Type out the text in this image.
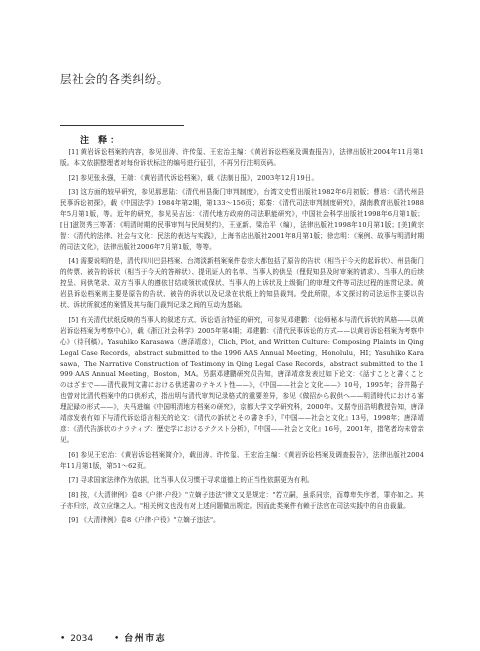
层社会的各类纠纷。
注 释：

[1] 黄岩诉讼档案的内容，参见田涛、许传玺、王宏治主编：《黄岩诉讼档案及调查报告》，法律出版社2004年11月第1版。本文依据整理者对每份诉状标注的编号进行征引，不再另行注明页码。

[2] 参见张永强，王端：《黄岩清代诉讼档案》，载《法制日报》，2003年12月19日。

[3] 这方面的较早研究，参见那思陆：《清代州县衙门审判制度》，台湾文史哲出版社1982年6月初版；曹培：《清代州县民事诉讼初探》，载《中国法学》1984年第2期，第133～156页；郑秦：《清代司法审判制度研究》，湖南教育出版社1988年5月第1版，等。近年的研究，参见吴吉远：《清代地方政府的司法职能研究》，中国社会科学出版社1998年6月第1版；[日]滋贺秀三等著：《明清时期的民事审判与民间契约》，王亚新、梁治平（编），法律出版社1998年10月第1版；[美]黄宗智：《清代的法律、社会与文化：民法的表达与实践》，上海书店出版社2001年8月第1版；徐忠明：《案例、故事与明清时期的司法文化》，法律出版社2006年7月第1版，等等。

[4] 需要说明的是，清代四川巴县档案、台湾淡新档案案件卷宗大都包括了原告的告状（相当于今天的起诉状）、州县衙门的传票、被告的诉状（相当于今天的答辩状）、提讯证人的名单、当事人的供呈（俚促知县及时审案的请求）、当事人的后续控呈、问供笔录、双方当事人的遵依甘结或领状或保状、当事人的上诉状及上级衙门的审理文件等司法过程的连贯记录。黄岩县诉讼档案则主要是原告的告状、被告的诉状以及记录在状纸上的知县裁判。受此所限，本文探讨的司法运作主要以告状、诉状所叙述的案情及其与衙门裁判记录之间的互动为基础。

[5] 有关清代状纸反映的当事人的叙述方式、诉讼语言特征的研究，可参见邓建鹏：《讼师秘本与清代诉状的风格——以黄岩诉讼档案为考察中心》，载《浙江社会科学》2005年第4期；邓建鹏：《清代民事诉讼的方式——以黄岩诉讼档案为考察中心》（待刊稿）。Yasuhiko Karasawa（唐泽靖彦），Clich, Plot, and Written Culture: Composing Plaints in Qing Legal Case Records，abstract submitted to the 1996 AAS Annual Meeting，Honolulu，HI；Yasuhiko Karasawa，The Narrative Construction of Testimony in Qing Legal Case Records，abstract submitted to the 1999 AAS Annual Meeting，Boston，MA。另据邓建鹏研究员告知，唐泽靖彦发表过如下论文：《話すことと書くことのはざまで——清代裁判文書における供述書のテキスト性——》，《中国——社会と文化——》10号，1995年；谷井陽子也曾对比清代档案中的口供形式，指出明与清代审判记录格式的重要差异，参见《做招から叙供へ——明清時代における審理記録の形式——》，夫马进编《中国明清地方档案の研究》，京都大学文学研究科，2000年。又据寺田浩明教授告知，唐泽靖彦发表有如下与清代诉讼语言相关的论文：《清代の訴状とその書き手》，『中国——社会と文化』13号，1998年；唐泽靖彦：《清代告訴状のナラティブ：歴史学におけるテクスト分析》，『中国——社会と文化』16号，2001年，措笔者均未曾亲见。

[6] 参见王宏治：《黄岩诉讼档案简介》，载田涛、许传玺、王宏治主编：《黄岩诉讼档案及调查报告》，法律出版社2004年11月第1版，第51～62页。

[7] 寻求国家法律作为依据，比当事人仅习惯于寻求道德上的正当性依据更为有利。

[8] 按，《大清律例》卷8《户律·户役》"立嫡子违法"律文又是规定："若立嗣，虽系同宗，而尊卑失序者，罪亦如之。其子亦归宗，改立应继之人。"相关例文也没有对上述问题做出规定。因而此类案件有赖于法官在司法实践中的自由裁量。

[9] 《大清律例》卷8《户律·户役》"立嫡子违法"。

• 2034 • 台州市志
